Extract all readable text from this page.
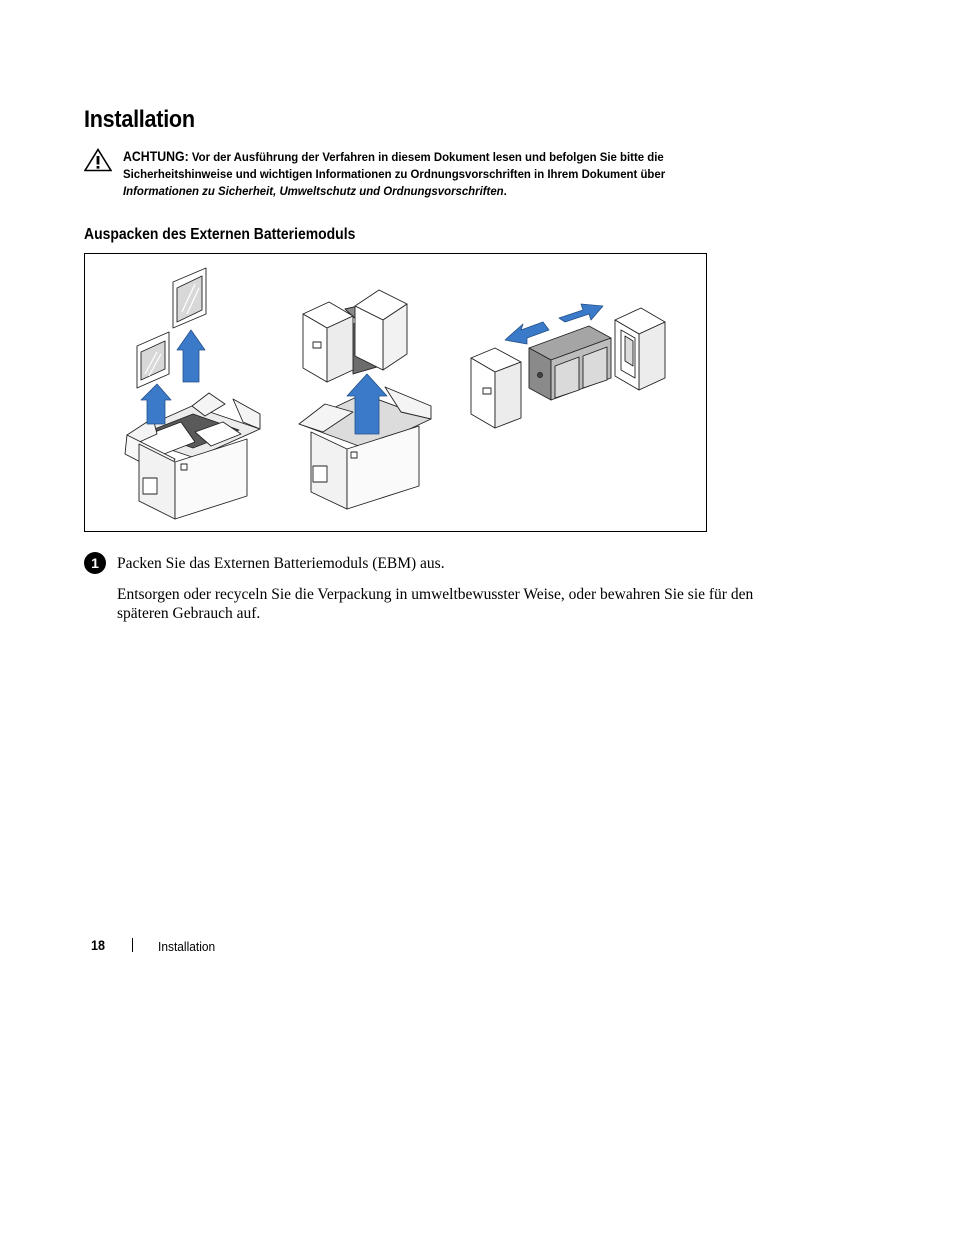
Installation
ACHTUNG: Vor der Ausführung der Verfahren in diesem Dokument lesen und befolgen Sie bitte die Sicherheitshinweise und wichtigen Informationen zu Ordnungsvorschriften in Ihrem Dokument über Informationen zu Sicherheit, Umweltschutz und Ordnungsvorschriften.
Auspacken des Externen Batteriemoduls
1	Packen Sie das Externen Batteriemoduls (EBM) aus.

Entsorgen oder recyceln Sie die Verpackung in umweltbewusster Weise, oder bewahren Sie sie für den späteren Gebrauch auf.

18	Installation
